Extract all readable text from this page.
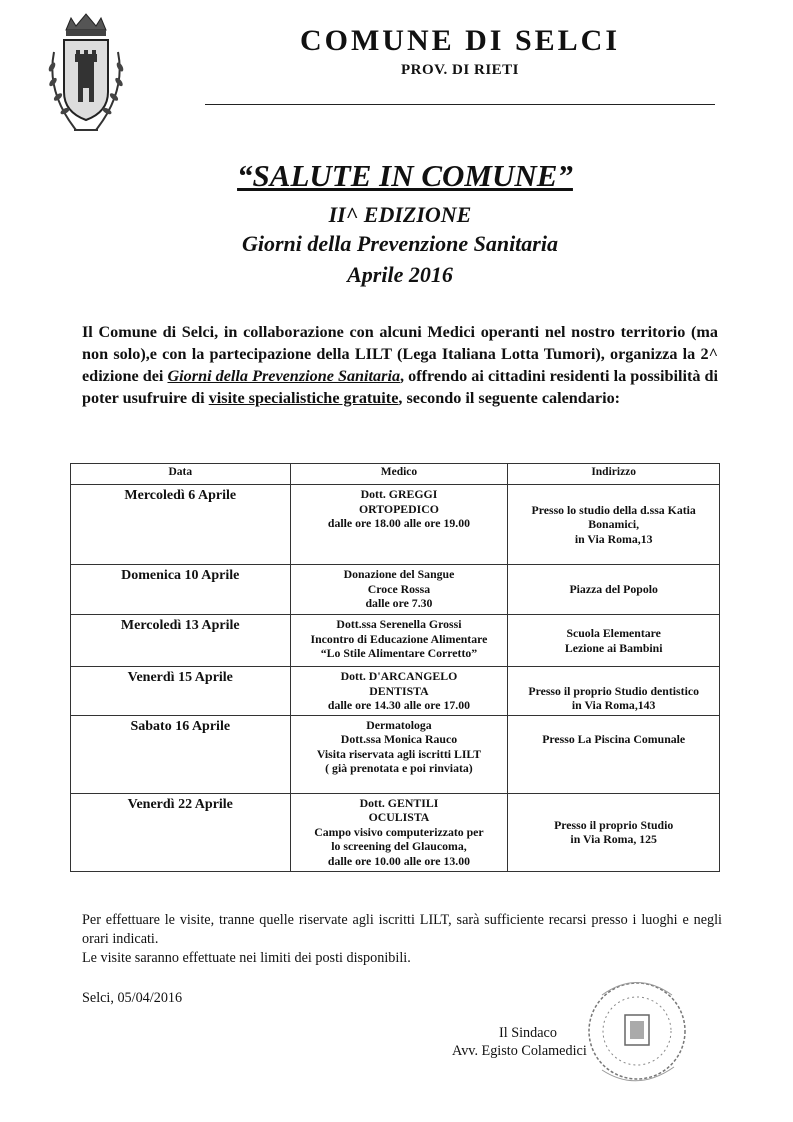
COMUNE DI SELCI
PROV. DI RIETI
“SALUTE IN COMUNE”
II^ EDIZIONE
Giorni della Prevenzione Sanitaria
Aprile 2016
Il Comune di Selci, in collaborazione con alcuni Medici operanti nel nostro territorio (ma non solo),e con la partecipazione della LILT (Lega Italiana Lotta Tumori), organizza la 2^ edizione dei Giorni della Prevenzione Sanitaria, offrendo ai cittadini residenti la possibilità di poter usufruire di visite specialistiche gratuite, secondo il seguente calendario:
Data	Medico	Indirizzo
Mercoledì 6 Aprile	Dott. GREGGI
ORTOPEDICO
dalle ore 18.00 alle ore 19.00	Presso lo studio della d.ssa Katia
Bonamici,
in Via Roma,13

Domenica 10 Aprile	Donazione del Sangue
Croce Rossa
dalle ore 7.30	Piazza del Popolo

Mercoledì 13 Aprile	Dott.ssa Serenella Grossi
Incontro di Educazione Alimentare
“Lo Stile Alimentare Corretto”	Scuola Elementare
Lezione ai Bambini

Venerdì 15 Aprile	Dott. D'ARCANGELO
DENTISTA
dalle ore 14.30 alle ore 17.00	Presso il proprio Studio dentistico
in Via Roma,143

Sabato 16 Aprile	Dermatologa
Dott.ssa Monica Rauco
Visita riservata agli iscritti LILT
( già prenotata e poi rinviata)	Presso La Piscina Comunale

Venerdì 22 Aprile	Dott. GENTILI
OCULISTA
Campo visivo computerizzato per
lo screening del Glaucoma,
dalle ore 10.00 alle ore 13.00	Presso il proprio Studio
in Via Roma, 125
Per effettuare le visite, tranne quelle riservate agli iscritti LILT, sarà sufficiente recarsi presso i luoghi e negli orari indicati.
Le visite saranno effettuate nei limiti dei posti disponibili.
Selci, 05/04/2016
Il Sindaco
Avv. Egisto Colamedici
